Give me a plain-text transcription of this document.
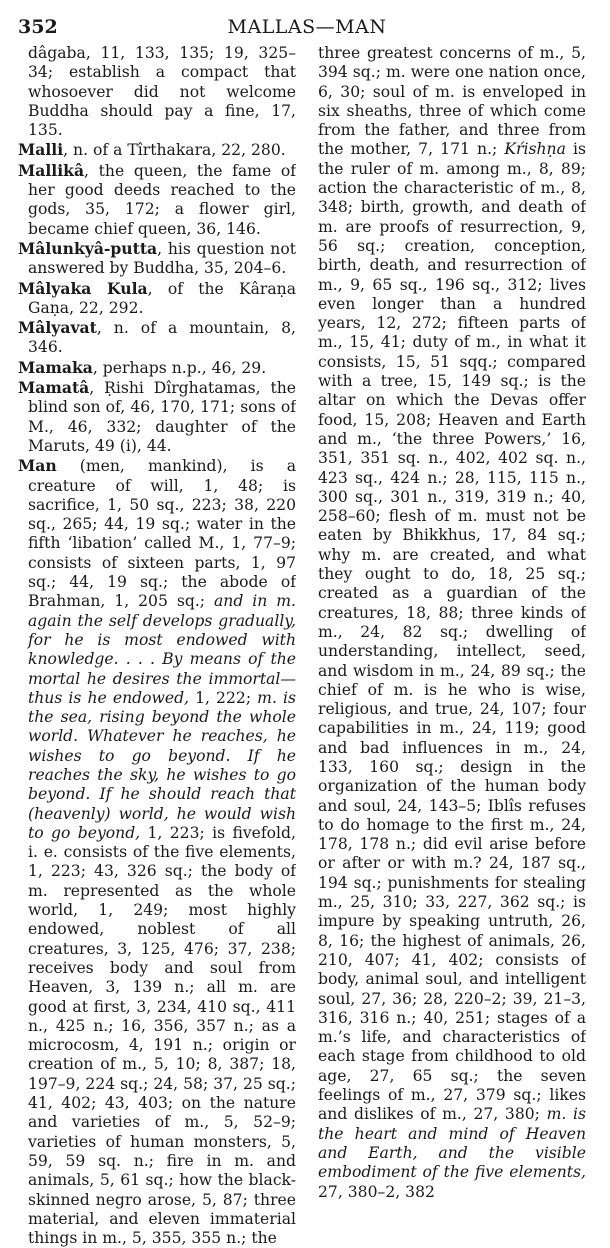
352	MALLAS—MAN

dâgaba, 11, 133, 135; 19, 325–34; establish a compact that whosoever did not welcome Buddha should pay a fine, 17, 135.

Malli, n. of a Tîrthakara, 22, 280.

Mallikâ, the queen, the fame of her good deeds reached to the gods, 35, 172; a flower girl, became chief queen, 36, 146.

Mâlunkyâ-putta, his question not answered by Buddha, 35, 204–6.

Mâlyaka Kula, of the Kâraṇa Gaṇa, 22, 292.

Mâlyavat, n. of a mountain, 8, 346.

Mamaka, perhaps n.p., 46, 29.

Mamatâ, Ṛishi Dîrghatamas, the blind son of, 46, 170, 171; sons of M., 46, 332; daughter of the Maruts, 49 (i), 44.

Man (men, mankind), is a creature of will, 1, 48; is sacrifice, 1, 50 sq., 223; 38, 220 sq., 265; 44, 19 sq.; water in the fifth ‘libation’ called M., 1, 77–9; consists of sixteen parts, 1, 97 sq.; 44, 19 sq.; the abode of Brahman, 1, 205 sq.; and in m. again the self develops gradually, for he is most endowed with knowledge. . . . By means of the mortal he desires the immortal—thus is he endowed, 1, 222; m. is the sea, rising beyond the whole world. Whatever he reaches, he wishes to go beyond. If he reaches the sky, he wishes to go beyond. If he should reach that (heavenly) world, he would wish to go beyond, 1, 223; is fivefold, i. e. consists of the five elements, 1, 223; 43, 326 sq.; the body of m. represented as the whole world, 1, 249; most highly endowed, noblest of all creatures, 3, 125, 476; 37, 238; receives body and soul from Heaven, 3, 139 n.; all m. are good at first, 3, 234, 410 sq., 411 n., 425 n.; 16, 356, 357 n.; as a microcosm, 4, 191 n.; origin or creation of m., 5, 10; 8, 387; 18, 197–9, 224 sq.; 24, 58; 37, 25 sq.; 41, 402; 43, 403; on the nature and varieties of m., 5, 52–9; varieties of human monsters, 5, 59, 59 sq. n.; fire in m. and animals, 5, 61 sq.; how the black-skinned negro arose, 5, 87; three material, and eleven immaterial things in m., 5, 355, 355 n.; the

three greatest concerns of m., 5, 394 sq.; m. were one nation once, 6, 30; soul of m. is enveloped in six sheaths, three of which come from the father, and three from the mother, 7, 171 n.; Kŕishṇa is the ruler of m. among m., 8, 89; action the characteristic of m., 8, 348; birth, growth, and death of m. are proofs of resurrection, 9, 56 sq.; creation, conception, birth, death, and resurrection of m., 9, 65 sq., 196 sq., 312; lives even longer than a hundred years, 12, 272; fifteen parts of m., 15, 41; duty of m., in what it consists, 15, 51 sqq.; compared with a tree, 15, 149 sq.; is the altar on which the Devas offer food, 15, 208; Heaven and Earth and m., ‘the three Powers,’ 16, 351, 351 sq. n., 402, 402 sq. n., 423 sq., 424 n.; 28, 115, 115 n., 300 sq., 301 n., 319, 319 n.; 40, 258–60; flesh of m. must not be eaten by Bhikkhus, 17, 84 sq.; why m. are created, and what they ought to do, 18, 25 sq.; created as a guardian of the creatures, 18, 88; three kinds of m., 24, 82 sq.; dwelling of understanding, intellect, seed, and wisdom in m., 24, 89 sq.; the chief of m. is he who is wise, religious, and true, 24, 107; four capabilities in m., 24, 119; good and bad influences in m., 24, 133, 160 sq.; design in the organization of the human body and soul, 24, 143–5; Iblîs refuses to do homage to the first m., 24, 178, 178 n.; did evil arise before or after or with m.? 24, 187 sq., 194 sq.; punishments for stealing m., 25, 310; 33, 227, 362 sq.; is impure by speaking untruth, 26, 8, 16; the highest of animals, 26, 210, 407; 41, 402; consists of body, animal soul, and intelligent soul, 27, 36; 28, 220–2; 39, 21–3, 316, 316 n.; 40, 251; stages of a m.’s life, and characteristics of each stage from childhood to old age, 27, 65 sq.; the seven feelings of m., 27, 379 sq.; likes and dislikes of m., 27, 380; m. is the heart and mind of Heaven and Earth, and the visible embodiment of the five elements, 27, 380–2, 382
